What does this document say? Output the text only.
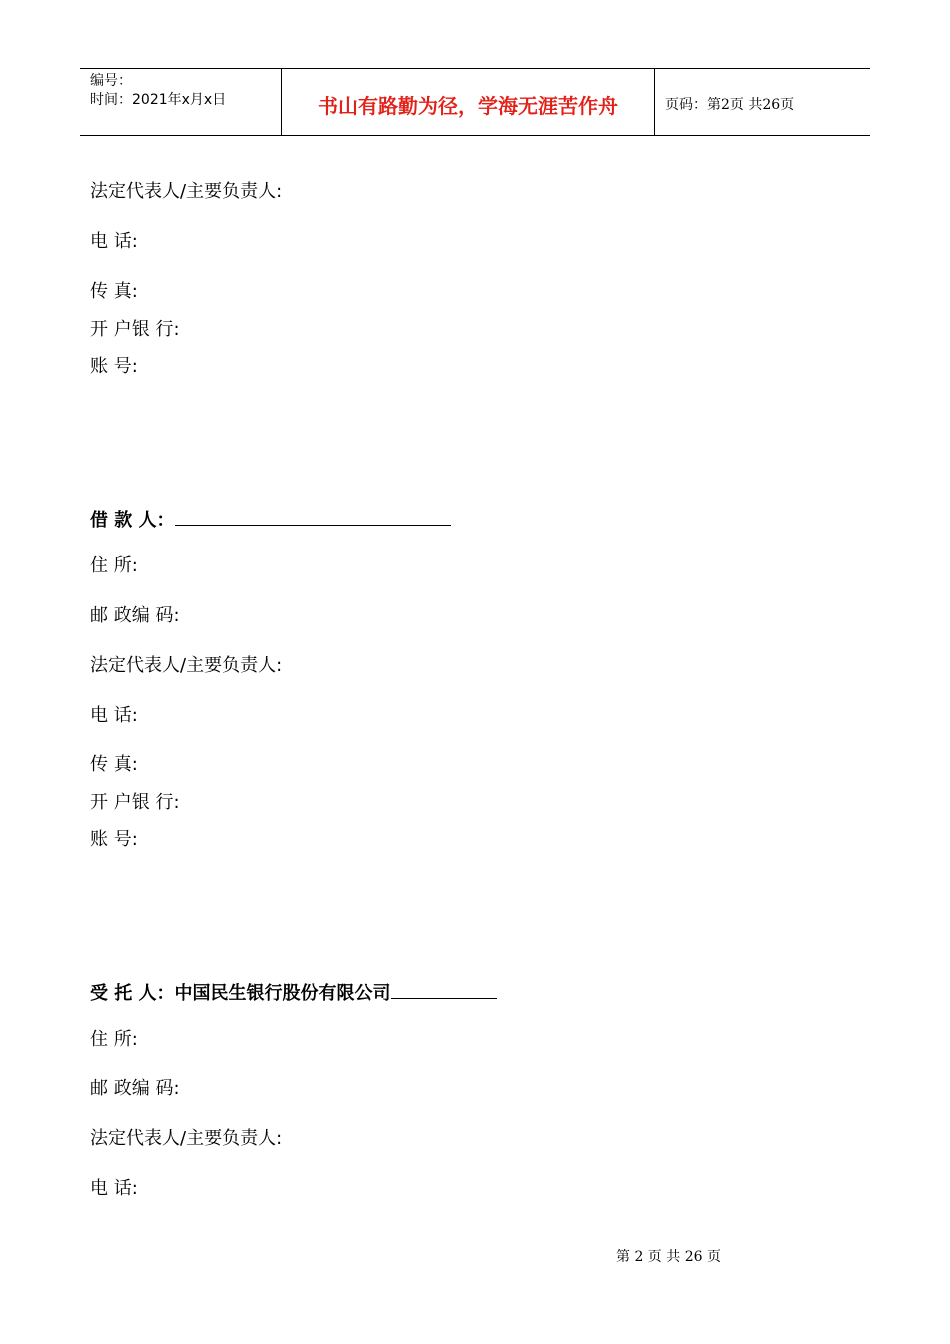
编号：
时间：2021年x月x日	书山有路勤为径，学海无涯苦作舟	页码：第2页 共26页
法定代表人/主要负责人:
电 话:
传 真:
开 户银 行:
账 号:
借 款 人：
住 所:
邮 政编 码:
法定代表人/主要负责人:
电 话:
传 真:
开 户银 行:
账 号:
受 托 人：中国民生银行股份有限公司
住 所:
邮 政编 码:
法定代表人/主要负责人:
电 话:
第 2 页 共 26 页
